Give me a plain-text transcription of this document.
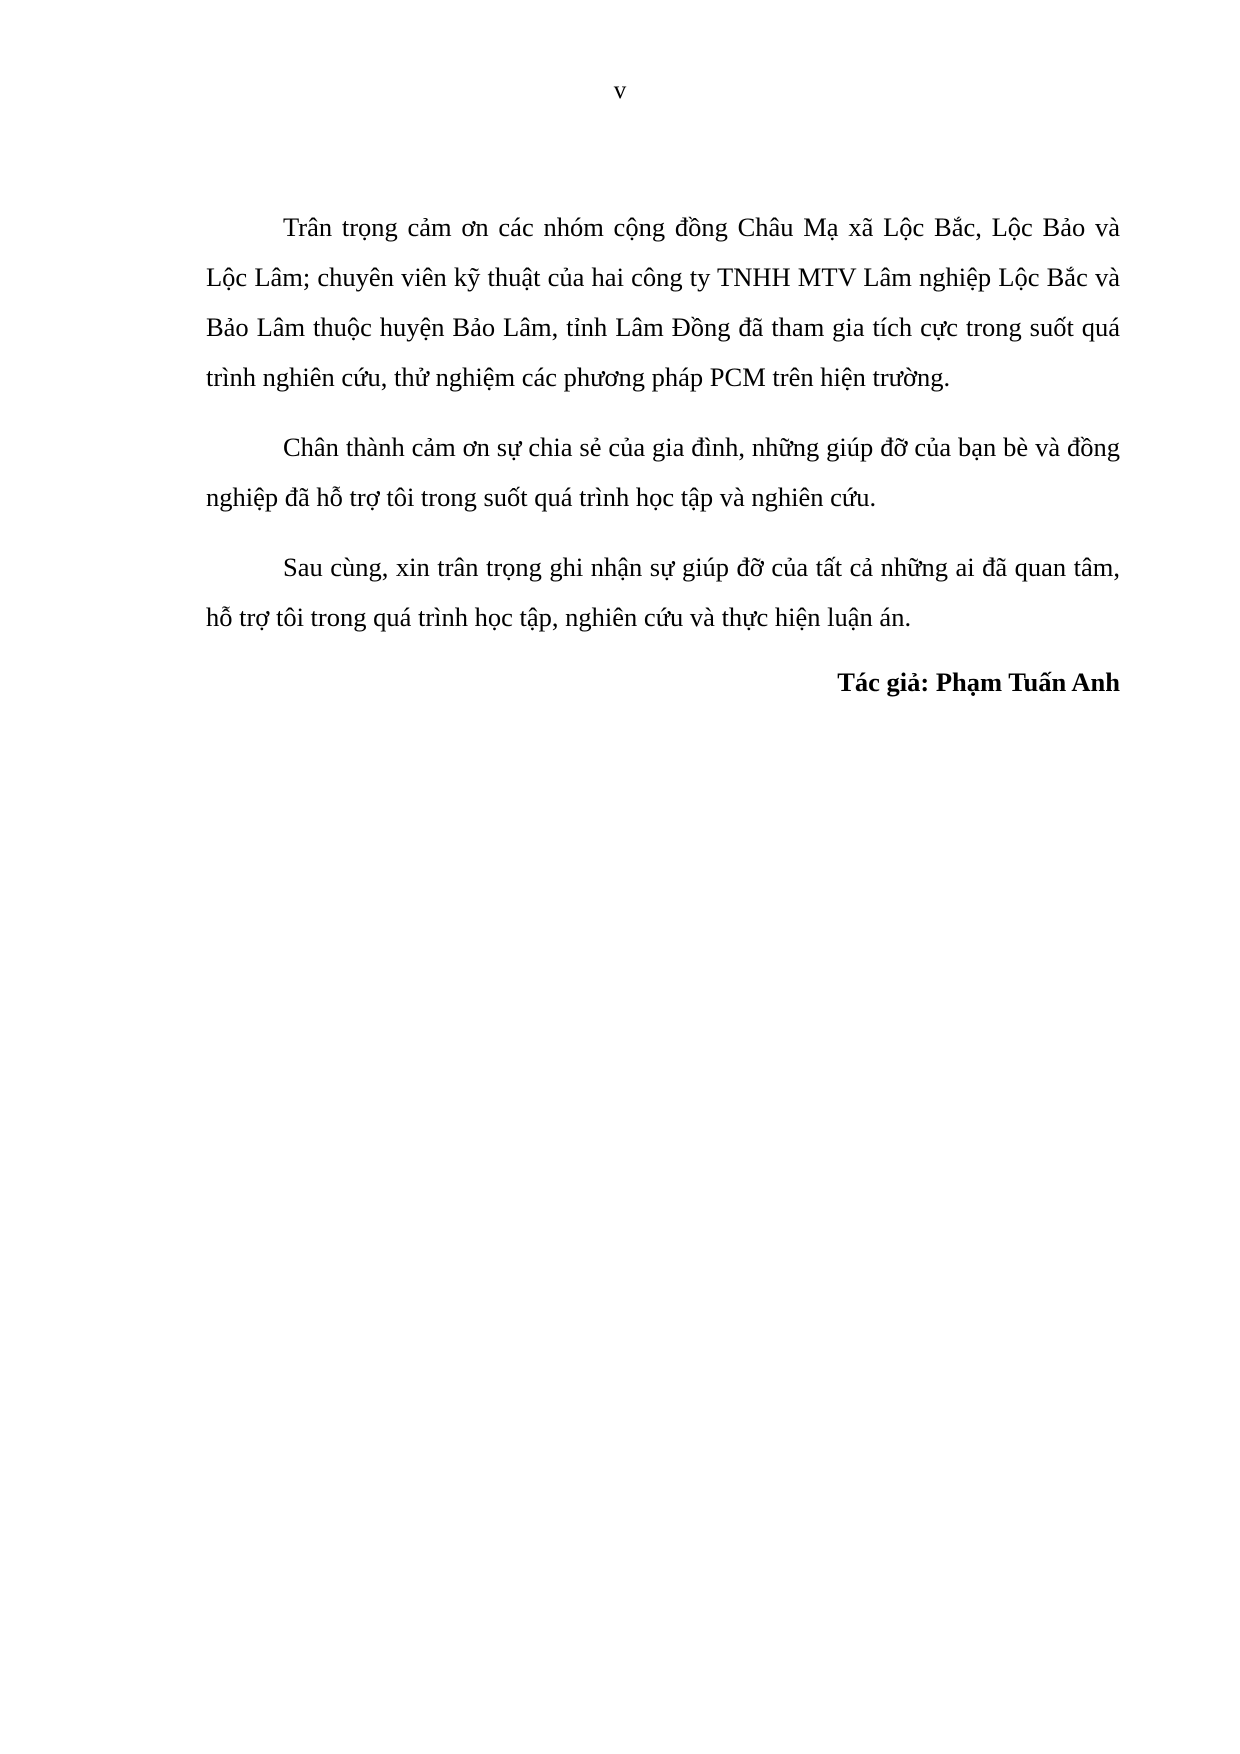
v

Trân trọng cảm ơn các nhóm cộng đồng Châu Mạ xã Lộc Bắc, Lộc Bảo và Lộc Lâm; chuyên viên kỹ thuật của hai công ty TNHH MTV Lâm nghiệp Lộc Bắc và Bảo Lâm thuộc huyện Bảo Lâm, tỉnh Lâm Đồng đã tham gia tích cực trong suốt quá trình nghiên cứu, thử nghiệm các phương pháp PCM trên hiện trường.

Chân thành cảm ơn sự chia sẻ của gia đình, những giúp đỡ của bạn bè và đồng nghiệp đã hỗ trợ tôi trong suốt quá trình học tập và nghiên cứu.

Sau cùng, xin trân trọng ghi nhận sự giúp đỡ của tất cả những ai đã quan tâm, hỗ trợ tôi trong quá trình học tập, nghiên cứu và thực hiện luận án.

Tác giả: Phạm Tuấn Anh
